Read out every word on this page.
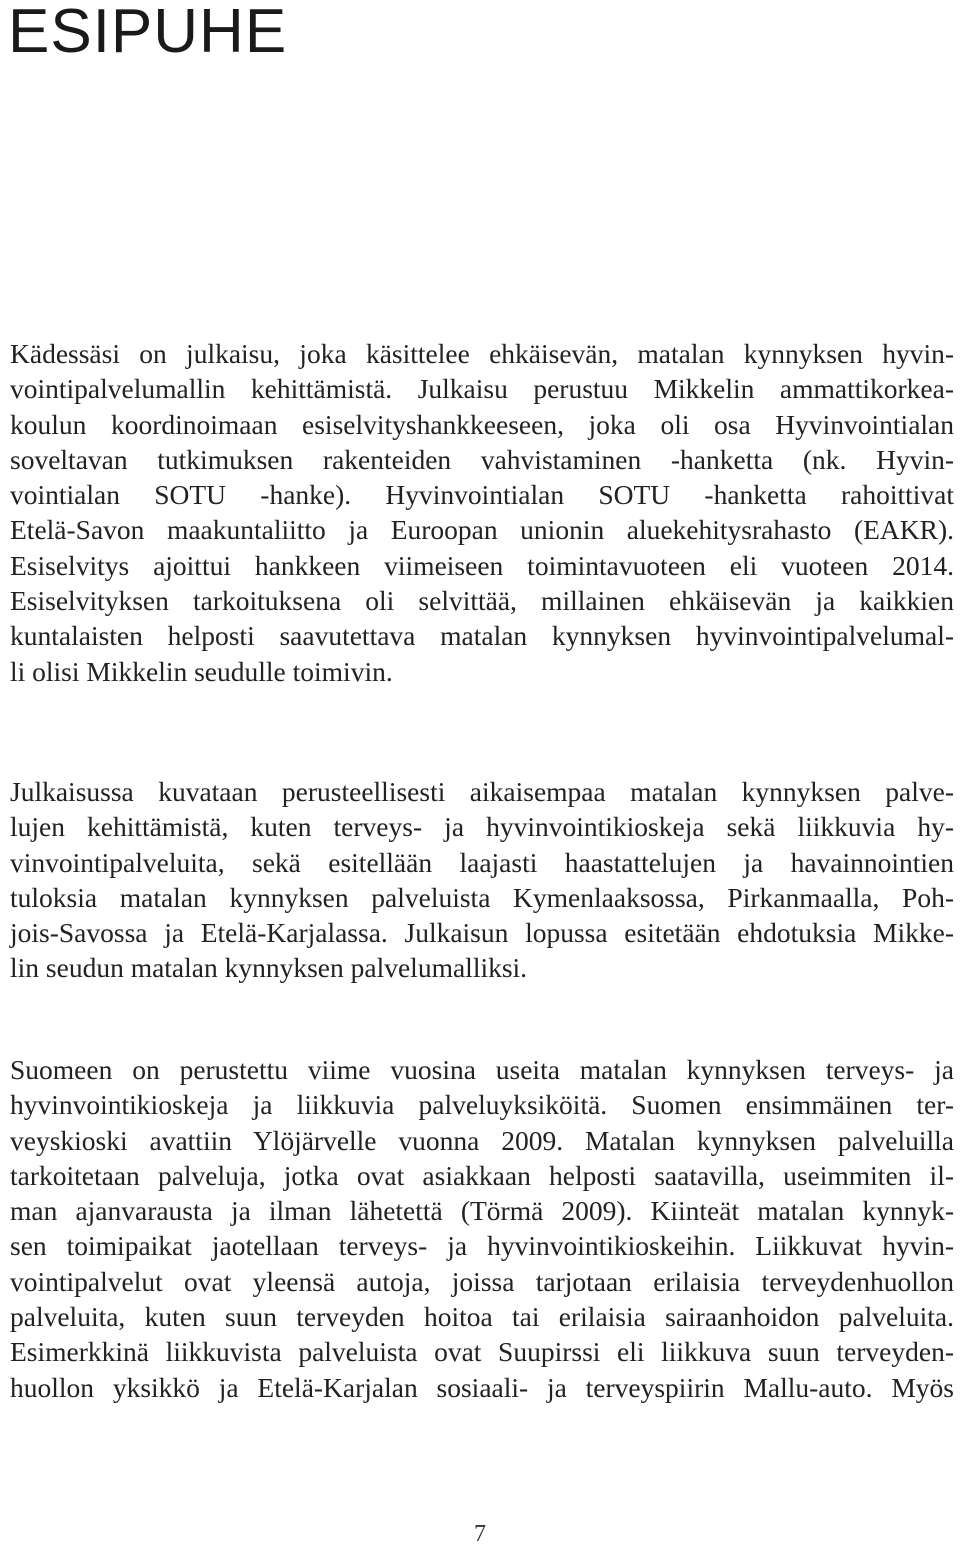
ESIPUHE

Kädessäsi on julkaisu, joka käsittelee ehkäisevän, matalan kynnyksen hyvin-
vointipalvelumallin kehittämistä. Julkaisu perustuu Mikkelin ammattikorkea-
koulun koordinoimaan esiselvityshankkeeseen, joka oli osa Hyvinvointialan
soveltavan tutkimuksen rakenteiden vahvistaminen -hanketta (nk. Hyvin-
vointialan SOTU -hanke). Hyvinvointialan SOTU -hanketta rahoittivat
Etelä-Savon maakuntaliitto ja Euroopan unionin aluekehitysrahasto (EAKR).
Esiselvitys ajoittui hankkeen viimeiseen toimintavuoteen eli vuoteen 2014.
Esiselvityksen tarkoituksena oli selvittää, millainen ehkäisevän ja kaikkien
kuntalaisten helposti saavutettava matalan kynnyksen hyvinvointipalvelumal-
li olisi Mikkelin seudulle toimivin.

Julkaisussa kuvataan perusteellisesti aikaisempaa matalan kynnyksen palve-
lujen kehittämistä, kuten terveys- ja hyvinvointikioskeja sekä liikkuvia hy-
vinvointipalveluita, sekä esitellään laajasti haastattelujen ja havainnointien
tuloksia matalan kynnyksen palveluista Kymenlaaksossa, Pirkanmaalla, Poh-
jois-Savossa ja Etelä-Karjalassa. Julkaisun lopussa esitetään ehdotuksia Mikke-
lin seudun matalan kynnyksen palvelumalliksi.

Suomeen on perustettu viime vuosina useita matalan kynnyksen terveys- ja
hyvinvointikioskeja ja liikkuvia palveluyksiköitä. Suomen ensimmäinen ter-
veyskioski avattiin Ylöjärvelle vuonna 2009. Matalan kynnyksen palveluilla
tarkoitetaan palveluja, jotka ovat asiakkaan helposti saatavilla, useimmiten il-
man ajanvarausta ja ilman lähetettä (Törmä 2009). Kiinteät matalan kynnyk-
sen toimipaikat jaotellaan terveys- ja hyvinvointikioskeihin. Liikkuvat hyvin-
vointipalvelut ovat yleensä autoja, joissa tarjotaan erilaisia terveydenhuollon
palveluita, kuten suun terveyden hoitoa tai erilaisia sairaanhoidon palveluita.
Esimerkkinä liikkuvista palveluista ovat Suupirssi eli liikkuva suun terveyden-
huollon yksikkö ja Etelä-Karjalan sosiaali- ja terveyspiirin Mallu-auto. Myös

7
